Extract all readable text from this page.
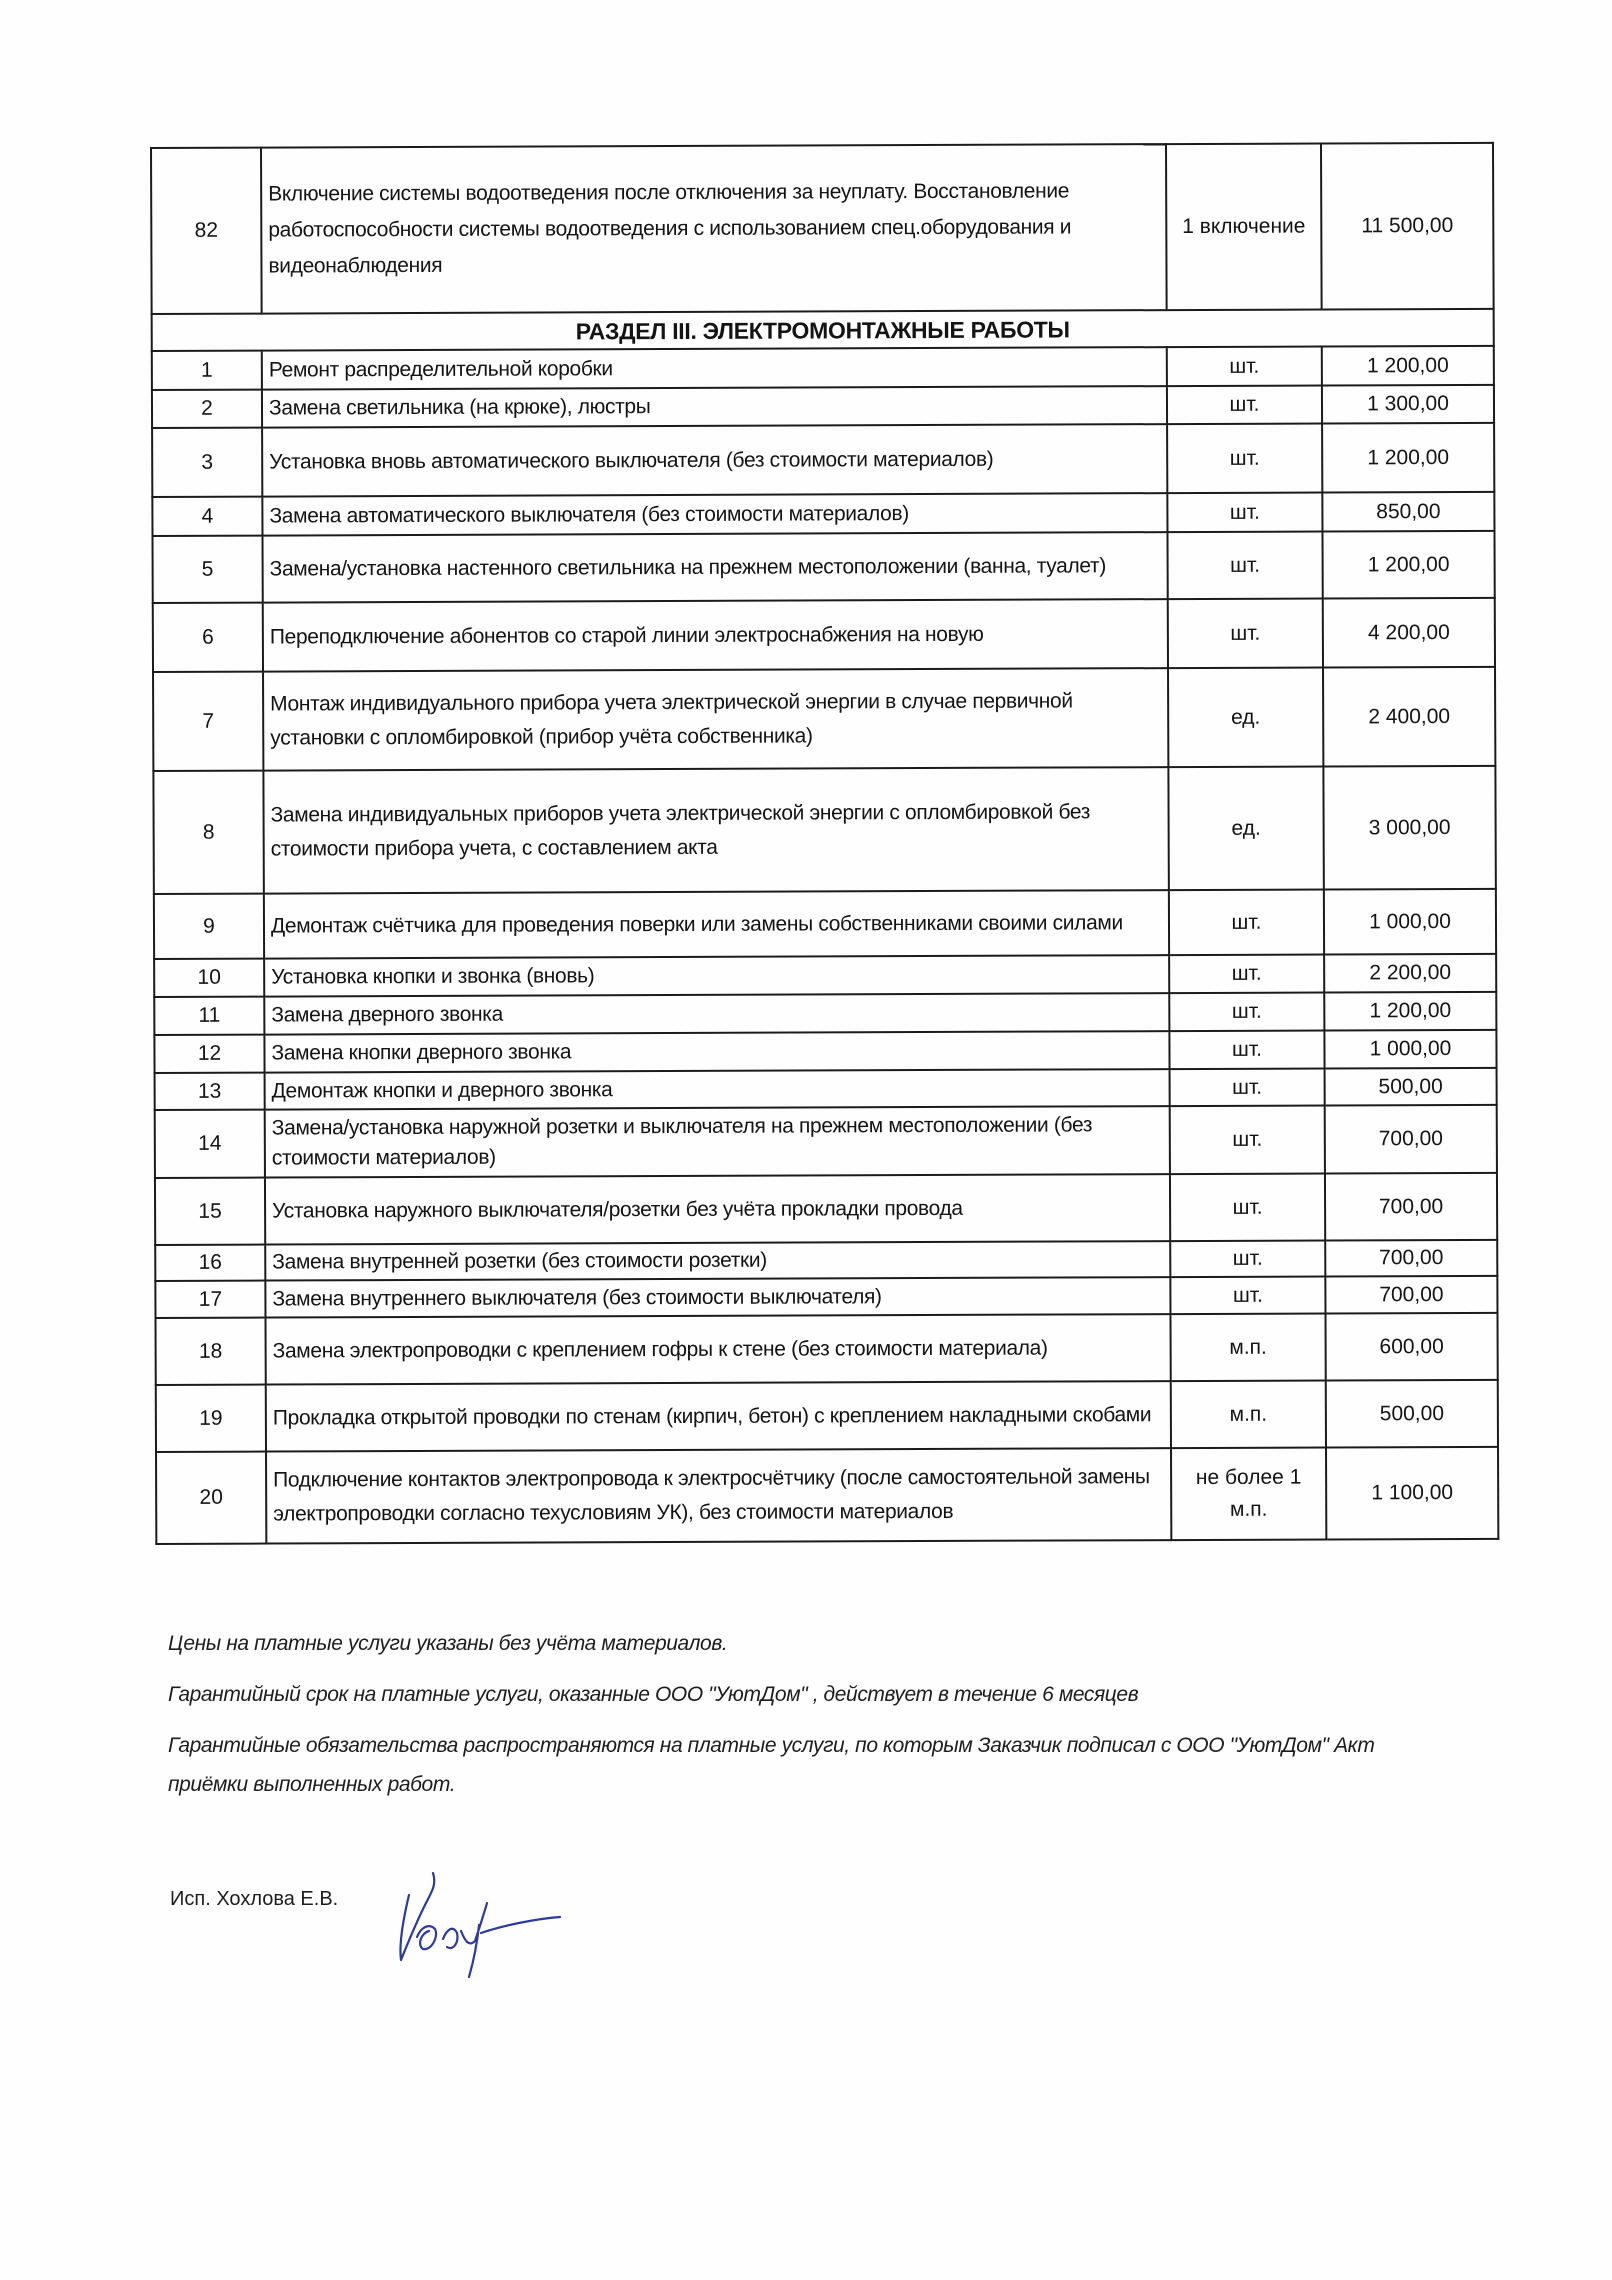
82	Включение системы водоотведения после отключения за неуплату. Восстановление работоспособности системы водоотведения с использованием спец.оборудования и видеонаблюдения	1 включение	11 500,00
РАЗДЕЛ III. ЭЛЕКТРОМОНТАЖНЫЕ РАБОТЫ			
1	Ремонт распределительной коробки	шт.	1 200,00
2	Замена светильника (на крюке), люстры	шт.	1 300,00
3	Установка вновь автоматического выключателя (без стоимости материалов)	шт.	1 200,00
4	Замена автоматического выключателя (без стоимости материалов)	шт.	850,00
5	Замена/установка настенного светильника на прежнем местоположении (ванна, туалет)	шт.	1 200,00
6	Переподключение абонентов со старой линии электроснабжения на новую	шт.	4 200,00
7	Монтаж индивидуального прибора учета электрической энергии в случае первичной установки с опломбировкой (прибор учёта собственника)	ед.	2 400,00
8	Замена индивидуальных приборов учета электрической энергии с опломбировкой без стоимости прибора учета, с составлением акта	ед.	3 000,00
9	Демонтаж счётчика для проведения поверки или замены собственниками своими силами	шт.	1 000,00
10	Установка кнопки и звонка (вновь)	шт.	2 200,00
11	Замена дверного звонка	шт.	1 200,00
12	Замена кнопки дверного звонка	шт.	1 000,00
13	Демонтаж кнопки и дверного звонка	шт.	500,00
14	Замена/установка наружной розетки и выключателя на прежнем местоположении (без стоимости материалов)	шт.	700,00
15	Установка наружного выключателя/розетки без учёта прокладки провода	шт.	700,00
16	Замена внутренней розетки (без стоимости розетки)	шт.	700,00
17	Замена внутреннего выключателя (без стоимости выключателя)	шт.	700,00
18	Замена электропроводки с креплением гофры к стене (без стоимости материала)	м.п.	600,00
19	Прокладка открытой проводки по стенам (кирпич, бетон) с креплением накладными скобами	м.п.	500,00
20	Подключение контактов электропровода к электросчётчику (после самостоятельной замены электропроводки согласно техусловиям УК), без стоимости материалов	не более 1 м.п.	1 100,00

Цены на платные услуги указаны без учёта материалов.

Гарантийный срок на платные услуги, оказанные ООО "УютДом" , действует в течение 6 месяцев

Гарантийные обязательства распространяются на платные услуги, по которым Заказчик подписал с ООО "УютДом" Акт приёмки выполненных работ.

Исп. Хохлова Е.В.
